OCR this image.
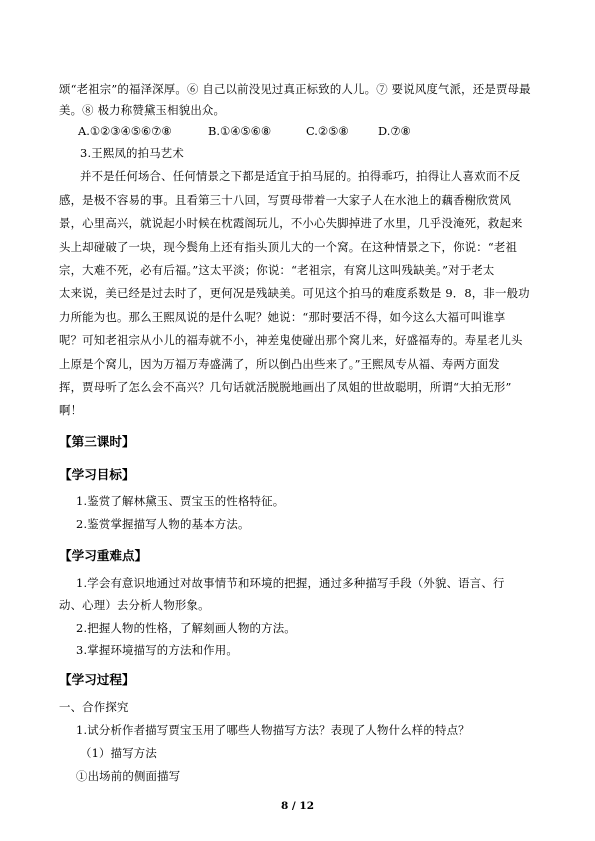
颂“老祖宗”的福泽深厚。⑥ 自己以前没见过真正标致的人儿。⑦ 要说风度气派，还是贾母最
美。⑧ 极力称赞黛玉相貌出众。
A.①②③④⑤⑥⑦⑧	B.①④⑤⑥⑧	C.②⑤⑧	D.⑦⑧
3.王熙凤的拍马艺术
并不是任何场合、任何情景之下都是适宜于拍马屁的。拍得乖巧，拍得让人喜欢而不反
感，是极不容易的事。且看第三十八回，写贾母带着一大家子人在水池上的藕香榭欣赏风
景，心里高兴，就说起小时候在枕霞阁玩儿，不小心失脚掉进了水里，几乎没淹死，救起来
头上却碰破了一块，现今鬓角上还有指头顶儿大的一个窝。在这种情景之下，你说：“老祖
宗，大难不死，必有后福。”这太平淡；你说：“老祖宗，有窝儿这叫残缺美。”对于老太
太来说，美已经是过去时了，更何况是残缺美。可见这个拍马的难度系数是 9．8，非一般功
力所能为也。那么王熙凤说的是什么呢？她说：“那时要活不得，如今这么大福可叫谁享
呢？可知老祖宗从小儿的福寿就不小，神差鬼使碰出那个窝儿来，好盛福寿的。寿星老儿头
上原是个窝儿，因为万福万寿盛满了，所以倒凸出些来了。”王熙凤专从福、寿两方面发
挥，贾母听了怎么会不高兴？几句话就活脱脱地画出了凤姐的世故聪明，所谓“大拍无形”
啊！
【第三课时】
【学习目标】
1.鉴赏了解林黛玉、贾宝玉的性格特征。
2.鉴赏掌握描写人物的基本方法。
【学习重难点】
1.学会有意识地通过对故事情节和环境的把握，通过多种描写手段（外貌、语言、行
动、心理）去分析人物形象。
2.把握人物的性格，了解刻画人物的方法。
3.掌握环境描写的方法和作用。
【学习过程】
一、合作探究
1.试分析作者描写贾宝玉用了哪些人物描写方法？表现了人物什么样的特点？
（1）描写方法
①出场前的侧面描写
8 / 12
